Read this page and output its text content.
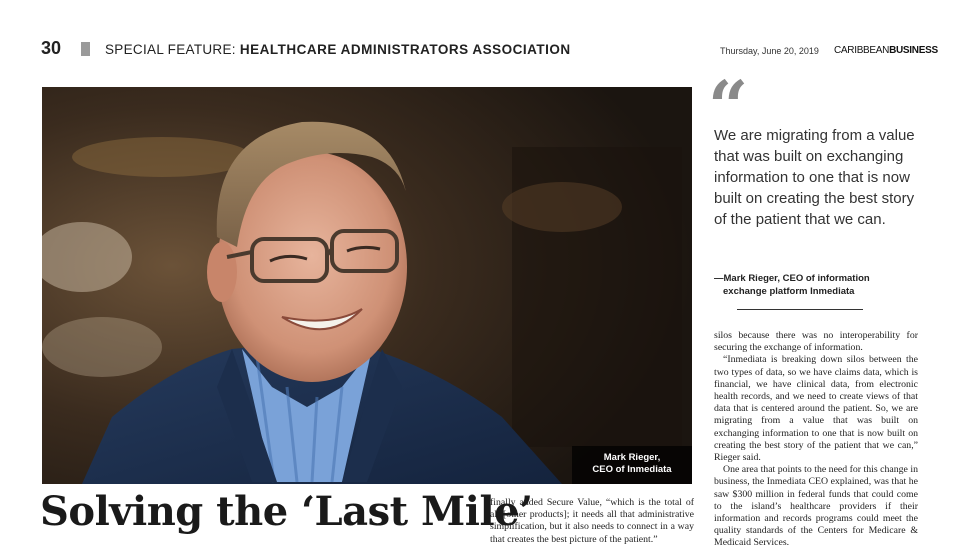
30	SPECIAL FEATURE: HEALTHCARE ADMINISTRATORS ASSOCIATION	Thursday, June 20, 2019 CARIBBEANBUSINESS
Mark Rieger,
CEO of Inmediata
“
We are migrating from a value that was built on exchanging information to one that is now built on creating the best story of the patient that we can.
—Mark Rieger, CEO of information
exchange platform Inmediata

silos because there was no interoperability for securing the exchange of information.

“Inmediata is breaking down silos between the two types of data, so we have claims data, which is financial, we have clinical data, from electronic health records, and we need to create views of that data that is centered around the patient. So, we are migrating from a value that was built on exchanging information to one that is now built on creating the best story of the patient that we can,” Rieger said.

One area that points to the need for this change in business, the Inmediata CEO explained, was that he saw $300 million in federal funds that could come to the island’s healthcare providers if their information and records programs could meet the quality standards of the Centers for Medicare & Medicaid Services.

finally added Secure Value, “which is the total of all [other products]; it needs all that administrative simplification, but it also needs to connect in a way that creates the best picture of the patient.”

Solving the ‘Last Mile’
